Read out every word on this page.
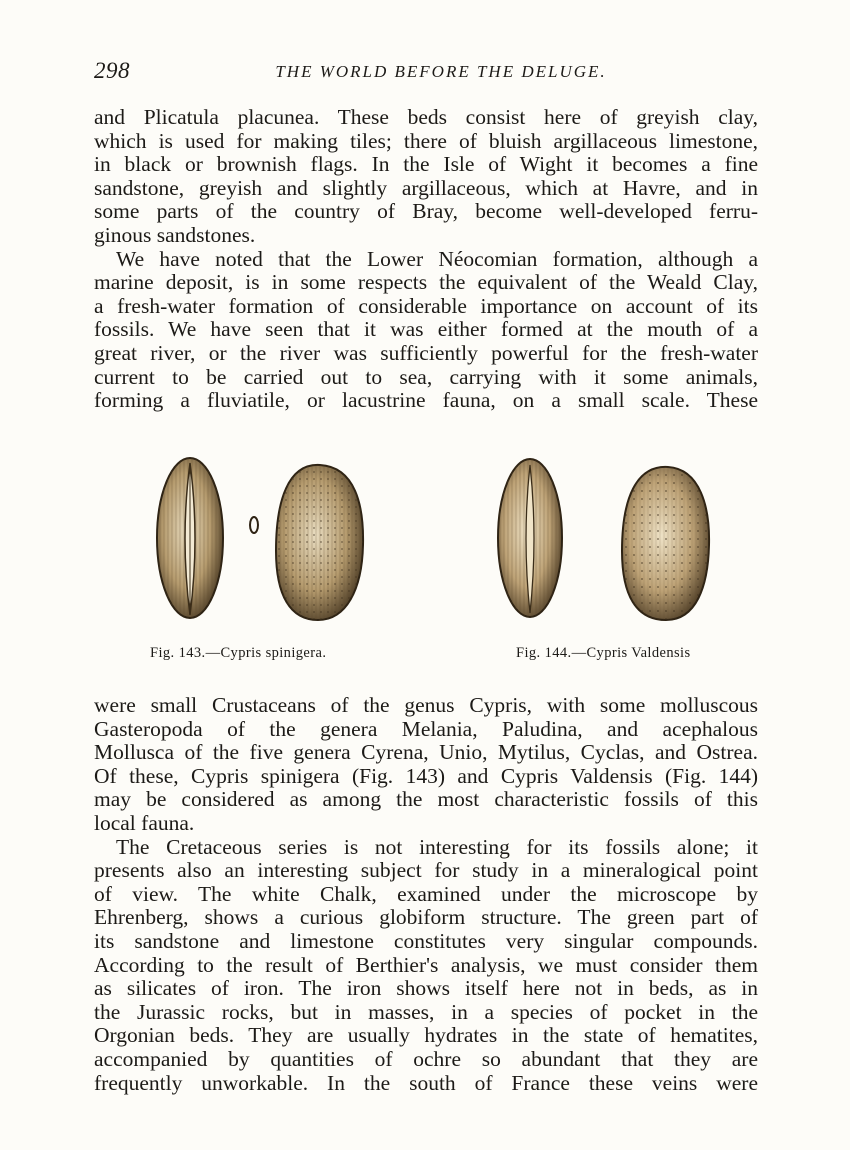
298	THE WORLD BEFORE THE DELUGE.
and Plicatula placunea. These beds consist here of greyish clay,
which is used for making tiles; there of bluish argillaceous limestone,
in black or brownish flags. In the Isle of Wight it becomes a fine
sandstone, greyish and slightly argillaceous, which at Havre, and in
some parts of the country of Bray, become well-developed ferru-
ginous sandstones.
We have noted that the Lower Néocomian formation, although a
marine deposit, is in some respects the equivalent of the Weald Clay,
a fresh-water formation of considerable importance on account of its
fossils. We have seen that it was either formed at the mouth of a
great river, or the river was sufficiently powerful for the fresh-water
current to be carried out to sea, carrying with it some animals,
forming a fluviatile, or lacustrine fauna, on a small scale. These
Fig. 143.—Cypris spinigera.	Fig. 144.—Cypris Valdensis
were small Crustaceans of the genus Cypris, with some molluscous
Gasteropoda of the genera Melania, Paludina, and acephalous
Mollusca of the five genera Cyrena, Unio, Mytilus, Cyclas, and Ostrea.
Of these, Cypris spinigera (Fig. 143) and Cypris Valdensis (Fig. 144)
may be considered as among the most characteristic fossils of this
local fauna.
The Cretaceous series is not interesting for its fossils alone; it
presents also an interesting subject for study in a mineralogical point
of view. The white Chalk, examined under the microscope by
Ehrenberg, shows a curious globiform structure. The green part of
its sandstone and limestone constitutes very singular compounds.
According to the result of Berthier's analysis, we must consider them
as silicates of iron. The iron shows itself here not in beds, as in
the Jurassic rocks, but in masses, in a species of pocket in the
Orgonian beds. They are usually hydrates in the state of hematites,
accompanied by quantities of ochre so abundant that they are
frequently unworkable. In the south of France these veins were
